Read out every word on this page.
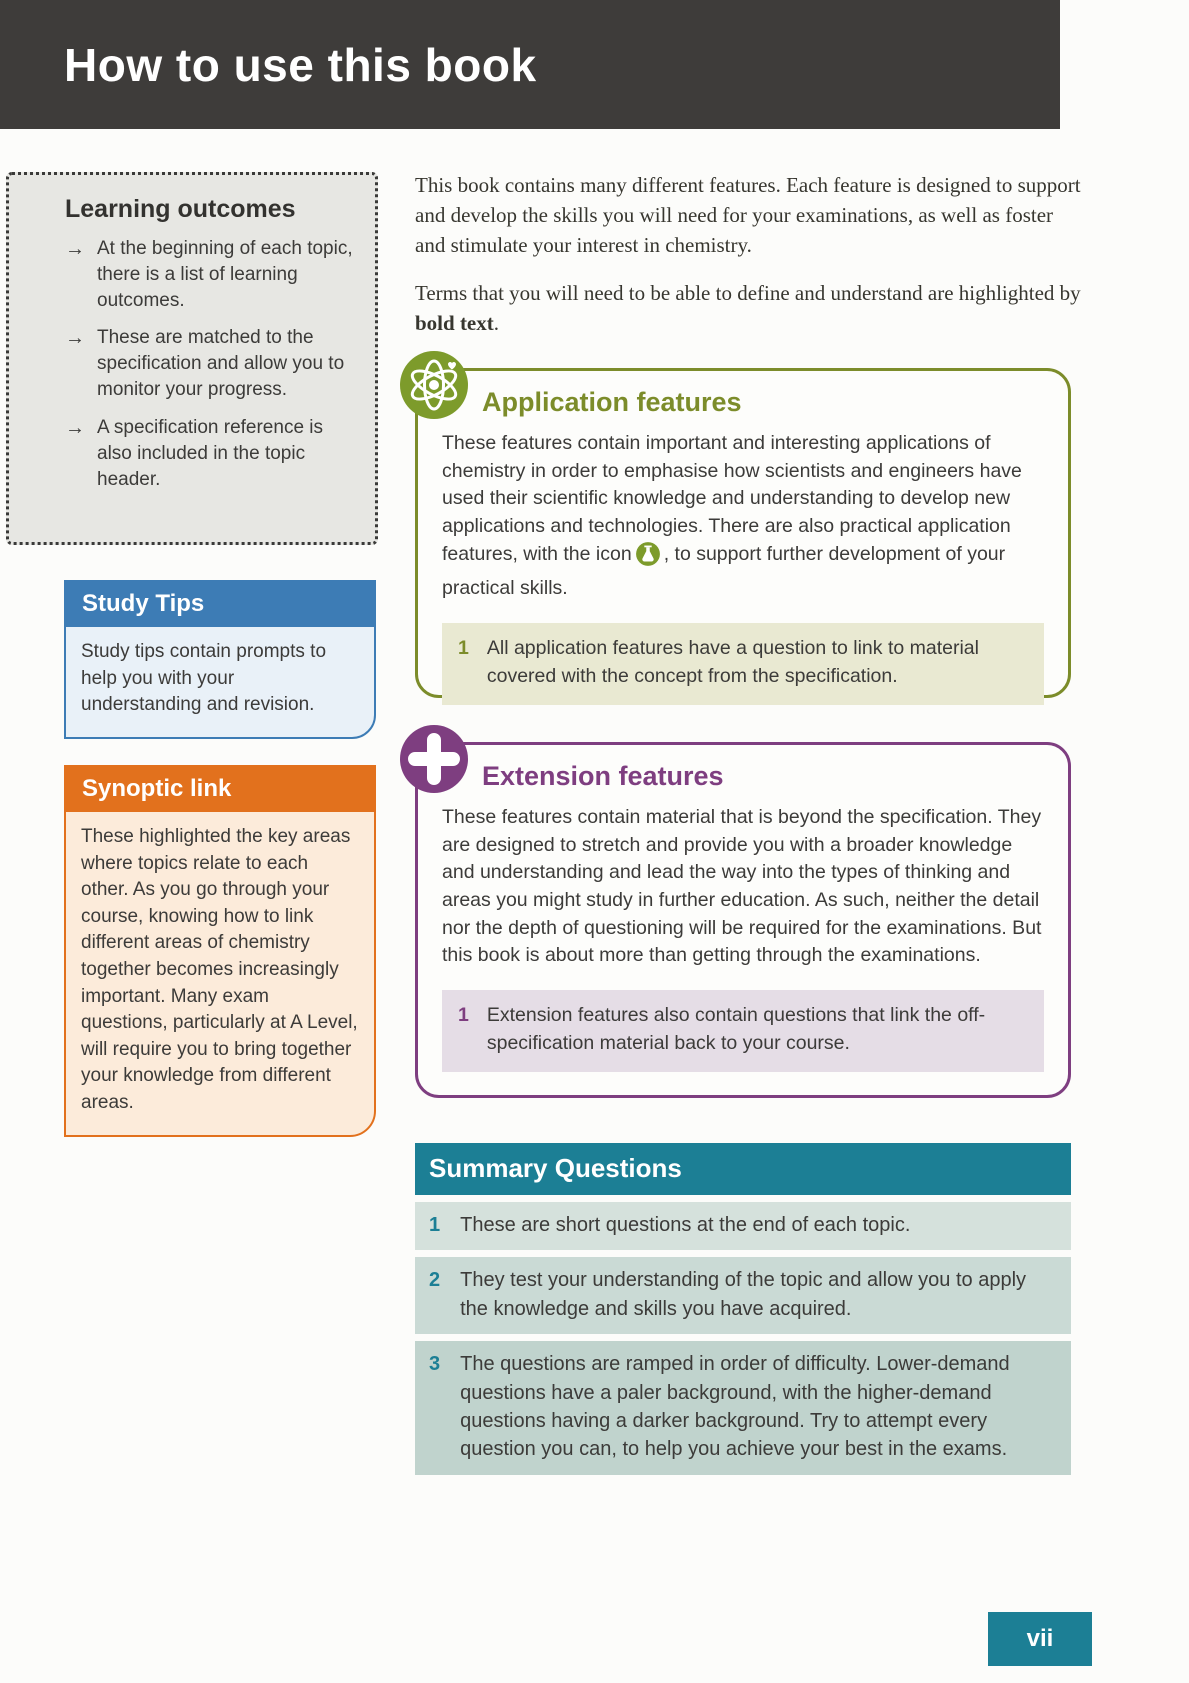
How to use this book
Learning outcomes
→ At the beginning of each topic, there is a list of learning outcomes.
→ These are matched to the specification and allow you to monitor your progress.
→ A specification reference is also included in the topic header.
Study Tips
Study tips contain prompts to help you with your understanding and revision.
Synoptic link
These highlighted the key areas where topics relate to each other. As you go through your course, knowing how to link different areas of chemistry together becomes increasingly important. Many exam questions, particularly at A Level, will require you to bring together your knowledge from different areas.

This book contains many different features. Each feature is designed to support and develop the skills you will need for your examinations, as well as foster and stimulate your interest in chemistry.

Terms that you will need to be able to define and understand are highlighted by bold text.

Application features

These features contain important and interesting applications of chemistry in order to emphasise how scientists and engineers have used their scientific knowledge and understanding to develop new applications and technologies. There are also practical application features, with the icon , to support further development of your practical skills.

1 All application features have a question to link to material covered with the concept from the specification.
Extension features

These features contain material that is beyond the specification. They are designed to stretch and provide you with a broader knowledge and understanding and lead the way into the types of thinking and areas you might study in further education. As such, neither the detail nor the depth of questioning will be required for the examinations. But this book is about more than getting through the examinations.

1 Extension features also contain questions that link the off-specification material back to your course.
Summary Questions
1 These are short questions at the end of each topic.
2 They test your understanding of the topic and allow you to apply the knowledge and skills you have acquired.
3 The questions are ramped in order of difficulty. Lower-demand questions have a paler background, with the higher-demand questions having a darker background. Try to attempt every question you can, to help you achieve your best in the exams.
vii
